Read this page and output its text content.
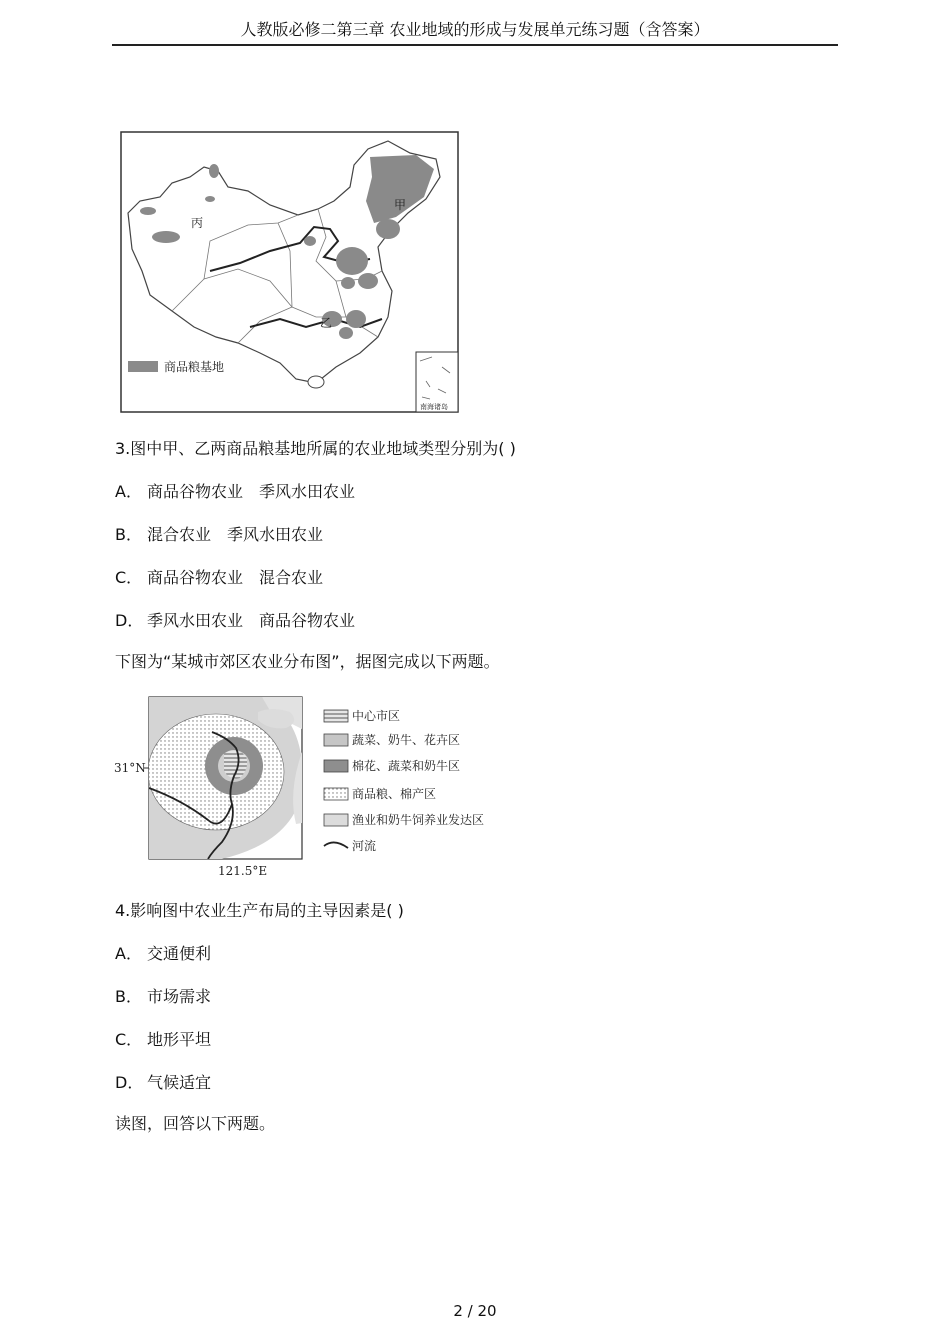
人教版必修二第三章 农业地域的形成与发展单元练习题（含答案）
甲
乙
丙
商品粮基地
南海诸岛
3.图中甲、乙两商品粮基地所属的农业地域类型分别为( )
A． 商品谷物农业　季风水田农业
B． 混合农业　季风水田农业
C． 商品谷物农业　混合农业
D． 季风水田农业　商品谷物农业
下图为“某城市郊区农业分布图”，据图完成以下两题。
31°N
121.5°E
中心市区
蔬菜、奶牛、花卉区
棉花、蔬菜和奶牛区
商品粮、棉产区
渔业和奶牛饲养业发达区
河流
4.影响图中农业生产布局的主导因素是( )
A． 交通便利
B． 市场需求
C． 地形平坦
D． 气候适宜
读图，回答以下两题。
2 / 20
